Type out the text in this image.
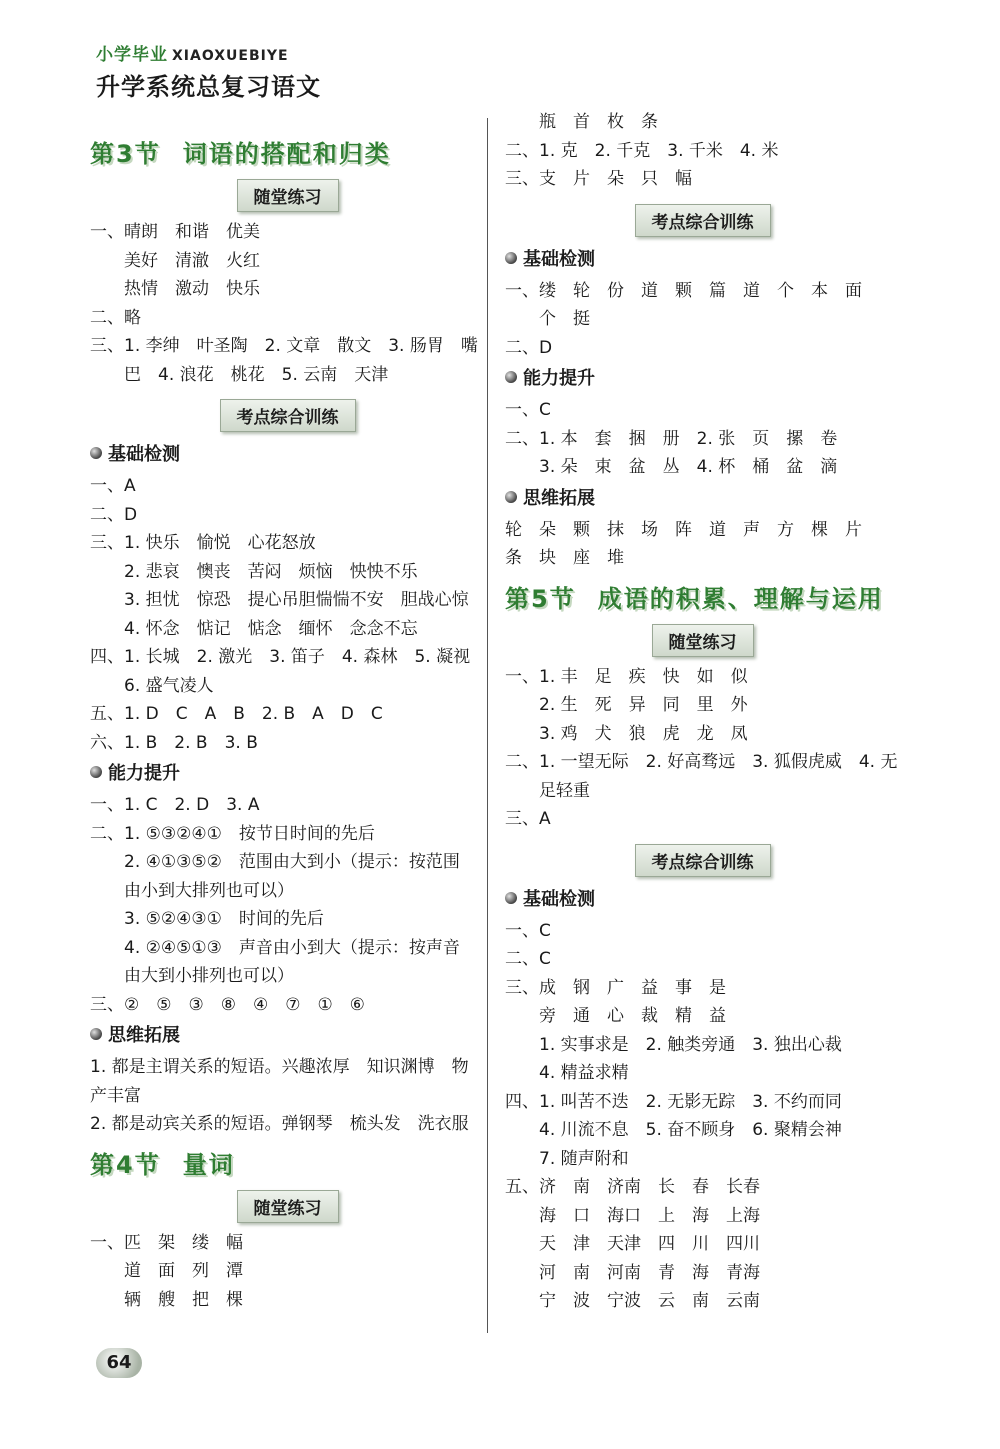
小学毕业 XIAOXUEBIYE
升学系统总复习语文
第3节 词语的搭配和归类
随堂练习
一、晴朗　和谐　优美
　　美好　清澈　火红
　　热情　激动　快乐
二、略
三、1. 李绅　叶圣陶　2. 文章　散文　3. 肠胃　嘴
　　巴　4. 浪花　桃花　5. 云南　天津
考点综合训练
基础检测
一、A
二、D
三、1. 快乐　愉悦　心花怒放
　　2. 悲哀　懊丧　苦闷　烦恼　怏怏不乐
　　3. 担忧　惊恐　提心吊胆惴惴不安　胆战心惊
　　4. 怀念　惦记　惦念　缅怀　念念不忘
四、1. 长城　2. 激光　3. 笛子　4. 森林　5. 凝视
　　6. 盛气凌人
五、1. D　C　A　B　2. B　A　D　C
六、1. B　2. B　3. B
能力提升
一、1. C　2. D　3. A
二、1. ⑤③②④①　按节日时间的先后
　　2. ④①③⑤②　范围由大到小（提示：按范围
　　由小到大排列也可以）
　　3. ⑤②④③①　时间的先后
　　4. ②④⑤①③　声音由小到大（提示：按声音
　　由大到小排列也可以）
三、②　⑤　③　⑧　④　⑦　①　⑥
思维拓展
1. 都是主谓关系的短语。兴趣浓厚　知识渊博　物
产丰富
2. 都是动宾关系的短语。弹钢琴　梳头发　洗衣服
第4节 量词
随堂练习
一、匹　架　缕　幅
　　道　面　列　潭
　　辆　艘　把　棵
　　瓶　首　枚　条
二、1. 克　2. 千克　3. 千米　4. 米
三、支　片　朵　只　幅
考点综合训练
基础检测
一、缕　轮　份　道　颗　篇　道　个　本　面
　　个　挺
二、D
能力提升
一、C
二、1. 本　套　捆　册　2. 张　页　摞　卷
　　3. 朵　束　盆　丛　4. 杯　桶　盆　滴
思维拓展
轮　朵　颗　抹　场　阵　道　声　方　棵　片
条　块　座　堆
第5节 成语的积累、理解与运用
随堂练习
一、1. 丰　足　疾　快　如　似
　　2. 生　死　异　同　里　外
　　3. 鸡　犬　狼　虎　龙　凤
二、1. 一望无际　2. 好高骛远　3. 狐假虎威　4. 无
　　足轻重
三、A
考点综合训练
基础检测
一、C
二、C
三、成　钢　广　益　事　是
　　旁　通　心　裁　精　益
　　1. 实事求是　2. 触类旁通　3. 独出心裁
　　4. 精益求精
四、1. 叫苦不迭　2. 无影无踪　3. 不约而同
　　4. 川流不息　5. 奋不顾身　6. 聚精会神
　　7. 随声附和
五、济　南　济南　长　春　长春
　　海　口　海口　上　海　上海
　　天　津　天津　四　川　四川
　　河　南　河南　青　海　青海
　　宁　波　宁波　云　南　云南
64
